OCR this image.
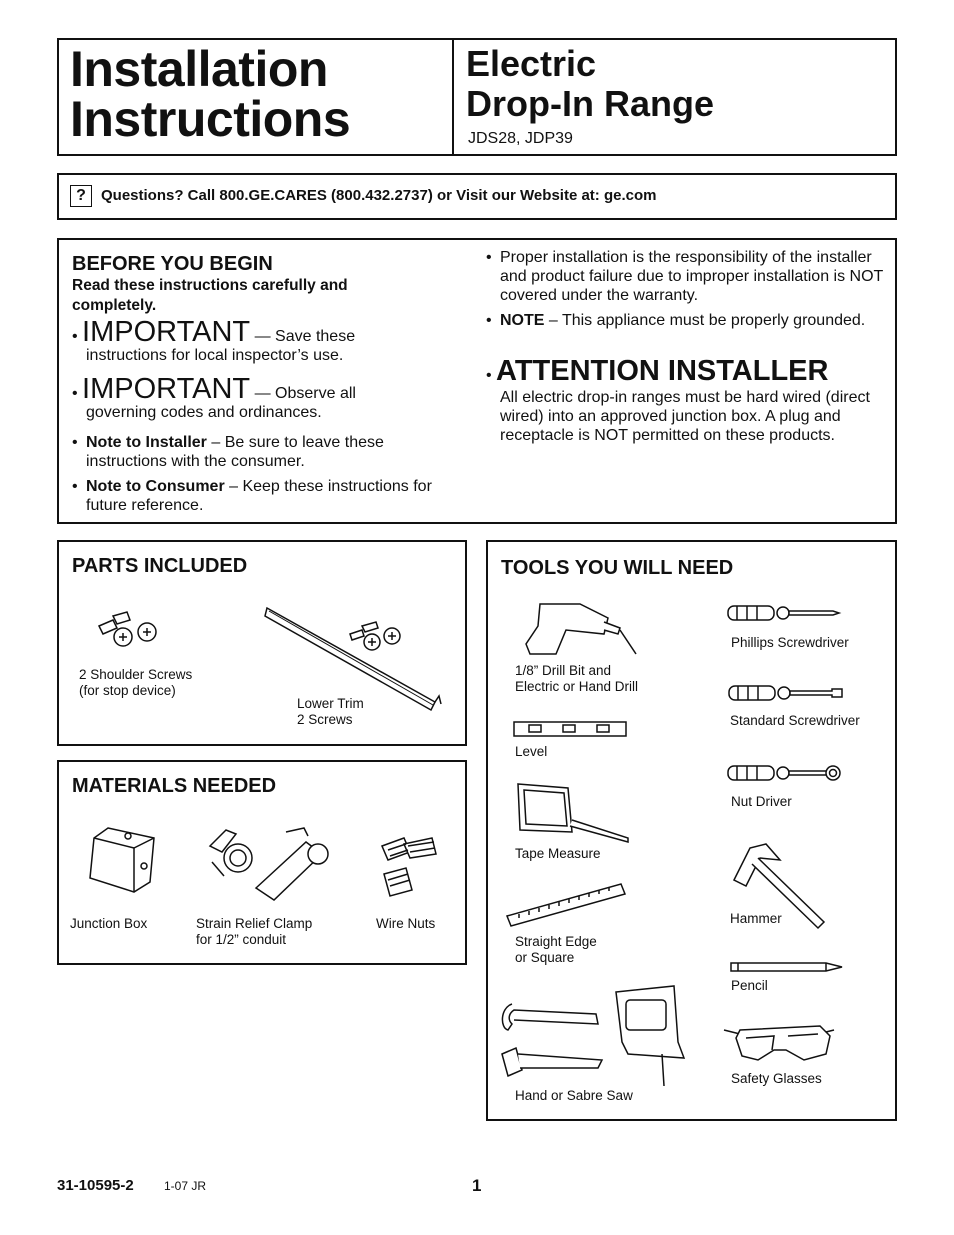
Installation
Instructions
Electric
Drop-In Range
JDS28, JDP39
?	Questions? Call 800.GE.CARES (800.432.2737) or Visit our Website at: ge.com
BEFORE YOU BEGIN
Read these instructions carefully and completely.
• IMPORTANT — Save these
instructions for local inspector’s use.
• IMPORTANT — Observe all
governing codes and ordinances.
• Note to Installer – Be sure to leave these instructions with the consumer.
• Note to Consumer – Keep these instructions for future reference.
• Proper installation is the responsibility of the installer and product failure due to improper installation is NOT covered under the warranty.
• NOTE – This appliance must be properly grounded.
• ATTENTION INSTALLER
All electric drop-in ranges must be hard wired (direct wired) into an approved junction box. A plug and receptacle is NOT permitted on these products.
PARTS INCLUDED
2 Shoulder Screws
(for stop device)
Lower Trim
2 Screws
MATERIALS NEEDED
Junction Box	Strain Relief Clamp
for 1/2” conduit
Wire Nuts
TOOLS YOU WILL NEED
1/8” Drill Bit and
Electric or Hand Drill
Phillips Screwdriver
Standard Screwdriver
Level
Nut Driver
Tape Measure
Hammer
Straight Edge
or Square
Pencil
Hand or Sabre Saw
Safety Glasses
31-10595-2	1-07 JR	1
